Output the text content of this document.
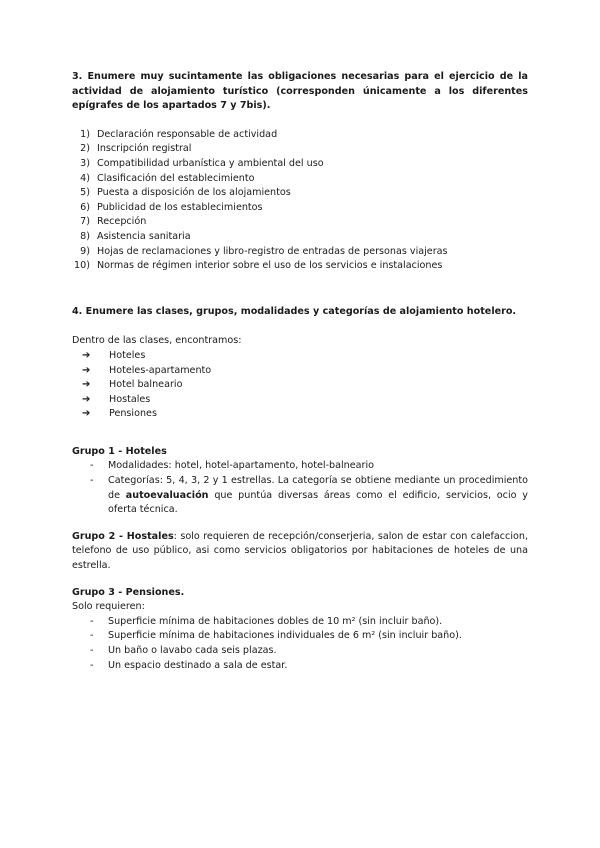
3. Enumere muy sucintamente las obligaciones necesarias para el ejercicio de la actividad de alojamiento turístico (corresponden únicamente a los diferentes epígrafes de los apartados 7 y 7bis).

1) Declaración responsable de actividad
2) Inscripción registral
3) Compatibilidad urbanística y ambiental del uso
4) Clasificación del establecimiento
5) Puesta a disposición de los alojamientos
6) Publicidad de los establecimientos
7) Recepción
8) Asistencia sanitaria
9) Hojas de reclamaciones y libro-registro de entradas de personas viajeras
10) Normas de régimen interior sobre el uso de los servicios e instalaciones

4. Enumere las clases, grupos, modalidades y categorías de alojamiento hotelero.

Dentro de las clases, encontramos:

➔	Hoteles
➔	Hoteles-apartamento
➔	Hotel balneario
➔	Hostales
➔	Pensiones

Grupo 1 - Hoteles

-	Modalidades: hotel, hotel-apartamento, hotel-balneario
-	Categorías: 5, 4, 3, 2 y 1 estrellas. La categoría se obtiene mediante un procedimiento de autoevaluación que puntúa diversas áreas como el edificio, servicios, ocio y oferta técnica.

Grupo 2 - Hostales: solo requieren de recepción/conserjeria, salon de estar con calefaccion, telefono de uso público, asi como servicios obligatorios por habitaciones de hoteles de una estrella.

Grupo 3 - Pensiones.

Solo requieren:

-	Superficie mínima de habitaciones dobles de 10 m² (sin incluir baño).
-	Superficie mínima de habitaciones individuales de 6 m² (sin incluir baño).
-	Un baño o lavabo cada seis plazas.
-	Un espacio destinado a sala de estar.
